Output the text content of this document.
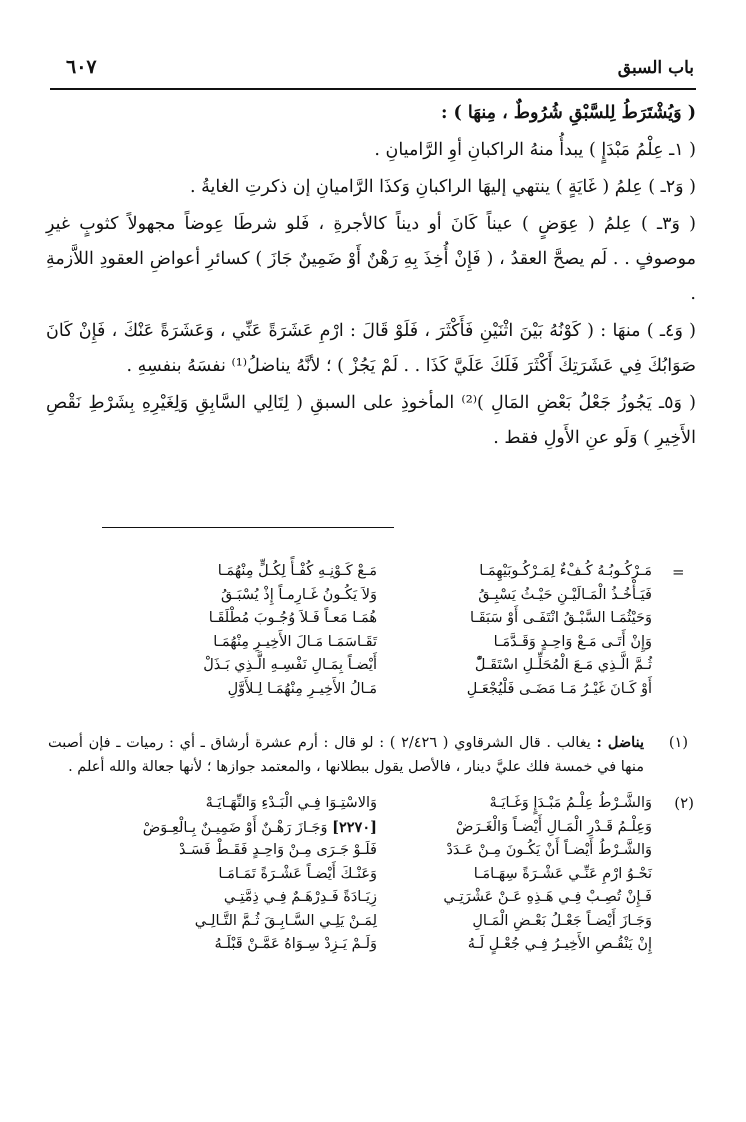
باب السبق
٦٠٧

( وَيُشْتَرَطُ لِلسَّبْقِ شُرُوطٌ ، مِنهَا ) :

( ١ـ عِلْمُ مَبْدَإٍ ) يبدأُ منهُ الراكبانِ أوِ الرَّاميانِ .

( وَ٢ـ ) عِلمُ ( غَايَةٍ ) ينتهي إليهَا الراكبانِ وَكذَا الرَّاميانِ إن ذكرتِ الغايةُ .

( وَ٣ـ ) عِلمُ ( عِوَضٍ ) عيناً كَانَ أو ديناً كالأجرةِ ، فَلو شرطَا عِوضاً مجهولاً كثوبٍ غيرِ موصوفٍ . . لَم يصحَّ العقدُ ، ( فَإِنْ أُخِذَ بِهِ رَهْنٌ أَوْ ضَمِينٌ جَازَ ) كسائرِ أعواضِ العقودِ اللاَّزمةِ .

( وَ٤ـ ) منهَا : ( كَوْنُهُ بَيْنَ اثْنَيْنِ فَأَكْثَرَ ، فَلَوْ قَالَ : ارْمِ عَشَرَةً عَنِّي ، وَعَشَرَةً عَنْكَ ، فَإِنْ كَانَ صَوَابُكَ فِي عَشَرَتِكَ أَكْثَرَ فَلَكَ عَلَيَّ كَذَا . . لَمْ يَجُزْ ) ؛ لأنَّهُ يناضلُ⁽¹⁾ نفسَهُ بنفسِهِ .

( وَ٥ـ يَجُوزُ جَعْلُ بَعْضِ المَالِ )⁽²⁾ المأخوذِ على السبقِ ( لِتَالِي السَّابِقِ وَلِغَيْرِهِ بِشَرْطِ نَقْصِ الأَخِيرِ ) وَلَو عنِ الأَولِ فقط .

=
مَـرْكُـوبُـهُ كُـفْءٌ لِمَـرْكُـوبَيْهِمَـا
مَـعْ كَـوْنِـهِ كُفْـأً لِكُـلٍّ مِنْهُمَـا
فَيَـأْخُـذُ الْمَـالَيْـنِ حَيْـثُ يَسْبِـقُ
وَلاَ يَكُـونُ غَـارِمـاً إِذْ يُسْبَـقُ
وَحَيْثُمَـا السَّبْـقُ انْتَفَـى أَوْ سَبَقَـا
هُمَـا مَعـاً فَـلاَ وُجُـوبَ مُطْلَقَـا
وَإِنْ أَتَـى مَـعْ وَاحِـدٍ وَقَـدَّمَـا
تَقَـاسَمَـا مَـالَ الأَخِيـرِ مِنْهُمَـا
ثُـمَّ الَّـذِي مَـعَ الْمُحَلِّـلِ اسْتَقَـلّْ
أَيْضـاً بِمَـالِ نَفْسِـهِ الَّـذِي بَـذَلْ
أَوْ كَـانَ غَيْـرُ مَـا مَضَـى فَلْيُجْعَـلِ
مَـالُ الأَخِيـرِ مِنْهُمَـا لِـلأَوَّلِ
(١)
يناضل : يغالب . قال الشرقاوي ( ٢/٤٢٦ ) : لو قال : أرم عشرة أرشاق ـ أي : رميات ـ فإن أصبت منها في خمسة فلك عليَّ دينار ، فالأصل يقول ببطلانها ، والمعتمد جوازها ؛ لأنها جعالة والله أعلم .
(٢)
وَالشَّـرْطُ عِلْـمُ مَبْـدَإٍ وَغَـايَـهْ
وَالاسْتِـوَا فِـي الْبَـدْءِ وَالنِّهَـايَـهْ
وَعِلْـمُ قَـدْرِ الْمَـالِ أَيْضـاً وَالْغَـرَضْ
[٢٢٧٠] وَجَـازَ رَهْـنٌ أَوْ ضَمِيـنٌ بِـالْعِـوَضْ
وَالشَّـرْطُ أَيْضـاً أَنْ يَكُـونَ مِـنْ عَـدَدْ
فَلَـوْ جَـرَى مِـنْ وَاحِـدٍ فَقَـطْ فَسَـدْ
نَحْـوُ ارْمِ عَنِّـي عَشْـرَةً سِهَـامَـا
وَعَنْـكَ أَيْضـاً عَشْـرَةً تَمَـامَـا
فَـإِنْ تُصِـبْ فِـي هَـذِهِ عَـنْ عَشْرَتِـي
زِيَـادَةً فَـدِرْهَـمٌ فِـي ذِمَّتِـي
وَجَـازَ أَيْضـاً جَعْـلُ بَعْـضِ الْمَـالِ
لِمَـنْ يَلِـي السَّـابِـقَ ثُـمَّ التَّـالِـي
إِنْ يَنْقُـصِ الأَخِيـرُ فِـي جُعْـلٍ لَـهُ
وَلَـمْ يَـزِدْ سِـوَاهُ عَمَّـنْ قَبْلَـهُ
